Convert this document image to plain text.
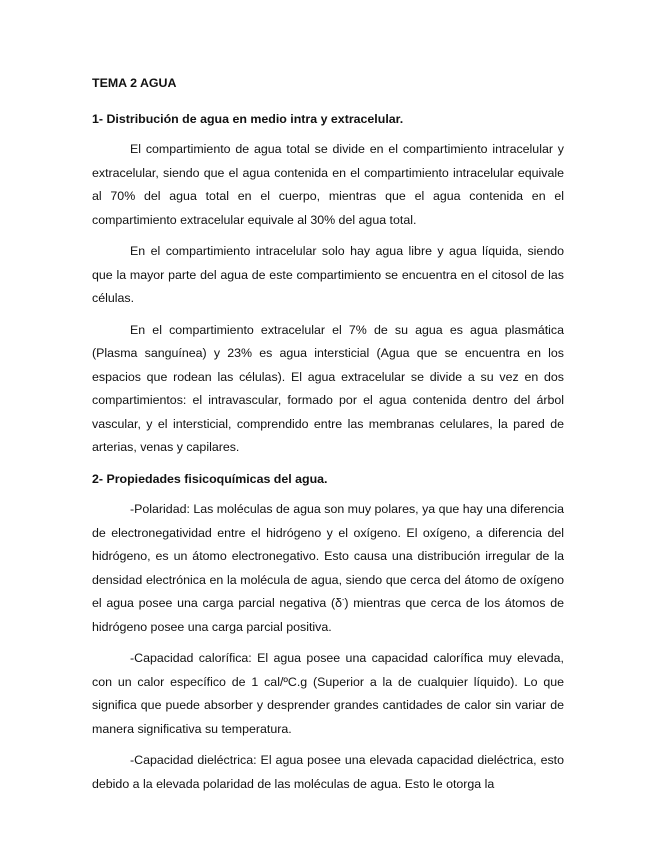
TEMA 2 AGUA
1- Distribución de agua en medio intra y extracelular.

El compartimiento de agua total se divide en el compartimiento intracelular y extracelular, siendo que el agua contenida en el compartimiento intracelular equivale al 70% del agua total en el cuerpo, mientras que el agua contenida en el compartimiento extracelular equivale al 30% del agua total.

En el compartimiento intracelular solo hay agua libre y agua líquida, siendo que la mayor parte del agua de este compartimiento se encuentra en el citosol de las células.

En el compartimiento extracelular el 7% de su agua es agua plasmática (Plasma sanguínea) y 23% es agua intersticial (Agua que se encuentra en los espacios que rodean las células). El agua extracelular se divide a su vez en dos compartimientos: el intravascular, formado por el agua contenida dentro del árbol vascular, y el intersticial, comprendido entre las membranas celulares, la pared de arterias, venas y capilares.

2- Propiedades fisicoquímicas del agua.

-Polaridad: Las moléculas de agua son muy polares, ya que hay una diferencia de electronegatividad entre el hidrógeno y el oxígeno. El oxígeno, a diferencia del hidrógeno, es un átomo electronegativo. Esto causa una distribución irregular de la densidad electrónica en la molécula de agua, siendo que cerca del átomo de oxígeno el agua posee una carga parcial negativa (δ-) mientras que cerca de los átomos de hidrógeno posee una carga parcial positiva.

-Capacidad calorífica: El agua posee una capacidad calorífica muy elevada, con un calor específico de 1 cal/ºC.g (Superior a la de cualquier líquido). Lo que significa que puede absorber y desprender grandes cantidades de calor sin variar de manera significativa su temperatura.

-Capacidad dieléctrica: El agua posee una elevada capacidad dieléctrica, esto debido a la elevada polaridad de las moléculas de agua. Esto le otorga la
